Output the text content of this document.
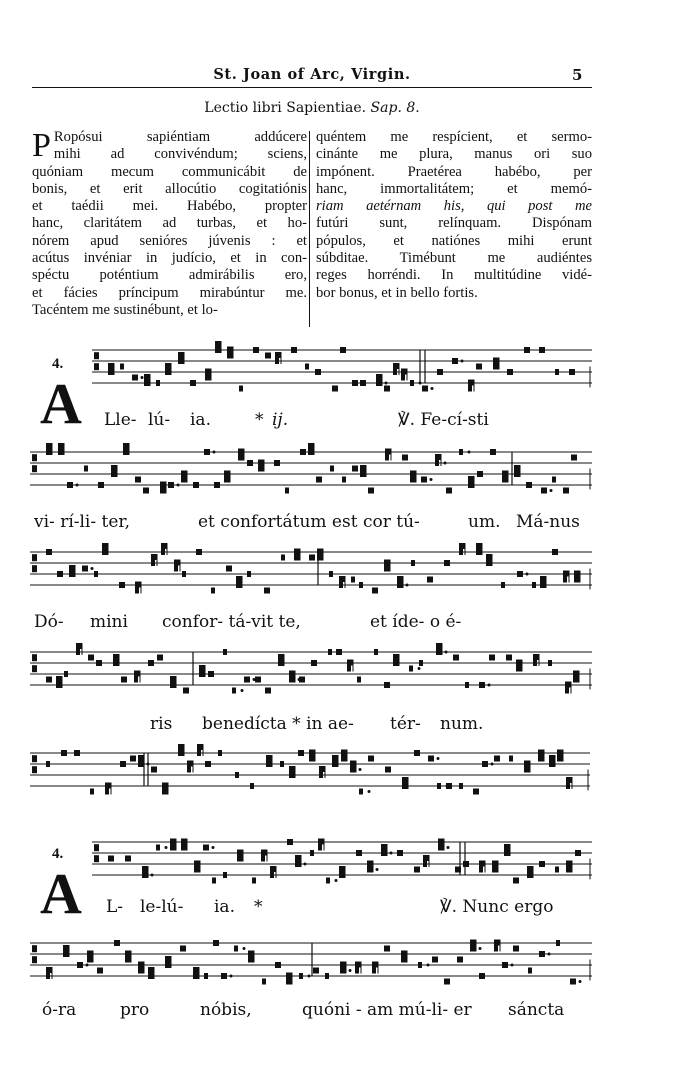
St. Joan of Arc, Virgin.	5
Lectio libri Sapientiae. Sap. 8.
P Ropósui sapiéntiam addúcere
mihi ad convivéndum; sciens,
quóniam mecum communicábit de
bonis, et erit allocútio cogitatiónis
et taédii mei. Habébo, propter
hanc, claritátem ad turbas, et ho-
nórem apud senióres júvenis : et
acútus invéniar in judício, et in con-
spéctu poténtium admirábilis ero,
et fácies príncipum mirabúntur me.
Tacéntem me sustinébunt, et lo-
quéntem me respícient, et sermo-
cinánte me plura, manus ori suo
impónent. Praetérea habébo, per
hanc, immortalitátem; et memó-
riam aetérnam his, qui post me
futúri sunt, relínquam. Dispónam
pópulos, et natiónes mihi erunt
súbditae. Timébunt me audiéntes
reges horréndi. In multitúdine vidé-
bor bonus, et in bello fortis.
4.
A Lle- lú- ia.	* ij.	℣. Fe-cí-sti
vi- rí-li- ter,	et confortátum est cor tú-	um. Má-nus
Dó- mini confor- tá-vit te,	et íde- o é-
ris benedícta * in ae- tér- num.
4.
A L- le-lú- ia. *	℣. Nunc ergo
ó-ra	pro	nóbis,	quóni - am mú-li- er sáncta
